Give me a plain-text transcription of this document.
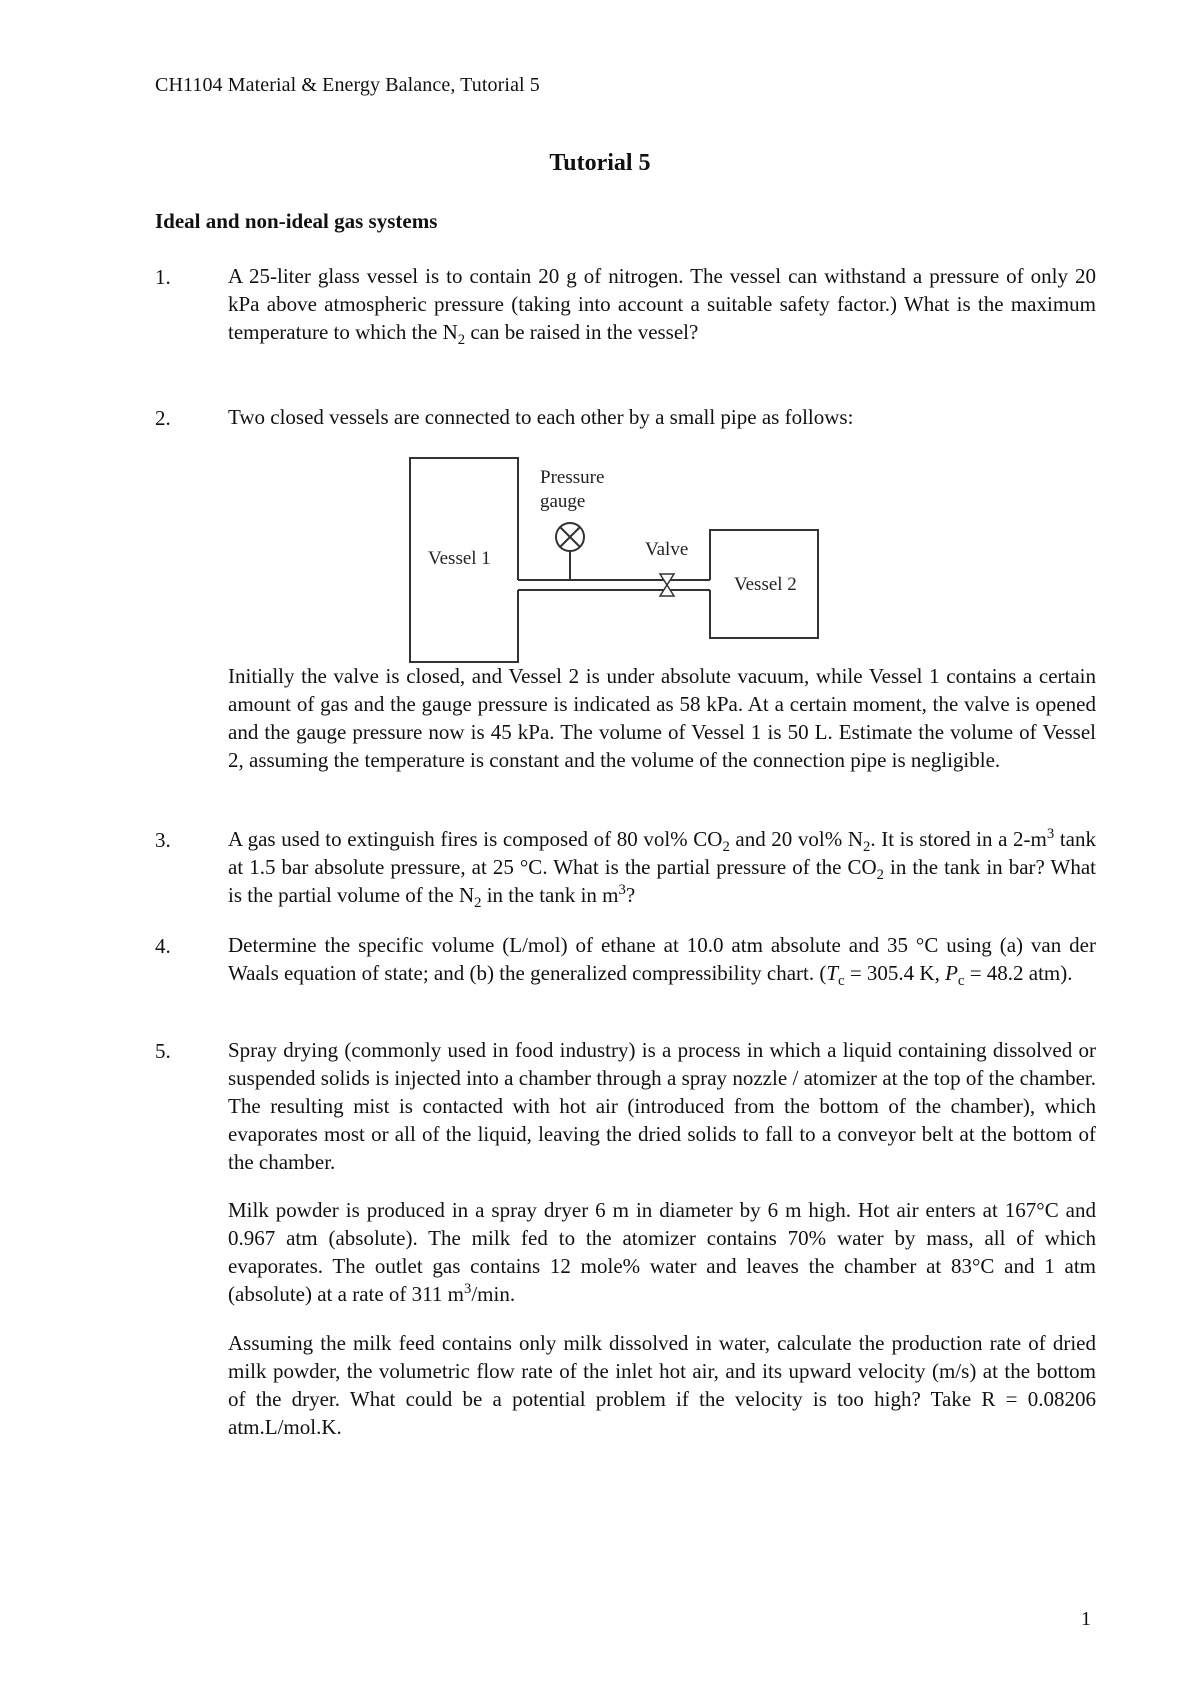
CH1104 Material & Energy Balance, Tutorial 5
Tutorial 5
Ideal and non-ideal gas systems
1.	A 25-liter glass vessel is to contain 20 g of nitrogen. The vessel can withstand a pressure of only 20 kPa above atmospheric pressure (taking into account a suitable safety factor.) What is the maximum temperature to which the $N_2$ can be raised in the vessel?
2.	Two closed vessels are connected to each other by a small pipe as follows:
Vessel 1
Vessel 2
Pressure
gauge
Valve
Initially the valve is closed, and Vessel 2 is under absolute vacuum, while Vessel 1 contains a certain amount of gas and the gauge pressure is indicated as 58 kPa. At a certain moment, the valve is opened and the gauge pressure now is 45 kPa. The volume of Vessel 1 is 50 L. Estimate the volume of Vessel 2, assuming the temperature is constant and the volume of the connection pipe is negligible.
3.	A gas used to extinguish fires is composed of 80 vol% $CO_2$ and 20 vol% $N_2$. It is stored in a $2-m^3$ tank at 1.5 bar absolute pressure, at 25 °C. What is the partial pressure of the $CO_2$ in the tank in bar? What is the partial volume of the $N_2$ in the tank in $m^3$?
4.	Determine the specific volume (L/mol) of ethane at 10.0 atm absolute and 35 °C using (a) van der Waals equation of state; and (b) the generalized compressibility chart. ($T_c = 305.4$ K, $P_c = 48.2$ atm).
5.	Spray drying (commonly used in food industry) is a process in which a liquid containing dissolved or suspended solids is injected into a chamber through a spray nozzle / atomizer at the top of the chamber. The resulting mist is contacted with hot air (introduced from the bottom of the chamber), which evaporates most or all of the liquid, leaving the dried solids to fall to a conveyor belt at the bottom of the chamber.
Milk powder is produced in a spray dryer 6 m in diameter by 6 m high. Hot air enters at 167°C and 0.967 atm (absolute). The milk fed to the atomizer contains 70% water by mass, all of which evaporates. The outlet gas contains 12 mole% water and leaves the chamber at 83°C and 1 atm (absolute) at a rate of 311 $m^3/\min$.
Assuming the milk feed contains only milk dissolved in water, calculate the production rate of dried milk powder, the volumetric flow rate of the inlet hot air, and its upward velocity (m/s) at the bottom of the dryer. What could be a potential problem if the velocity is too high? Take R = 0.08206 atm.L/mol.K.
1
